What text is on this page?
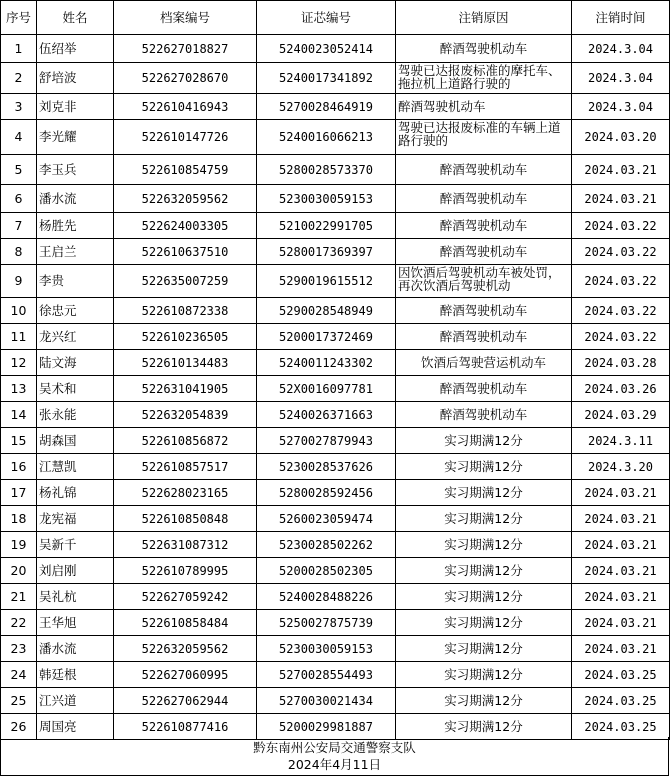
序号	姓名	档案编号	证芯编号	注销原因	注销时间
1	伍绍举	522627018827	5240023052414	醉酒驾驶机动车	2024.3.04
2	舒培波	522627028670	5240017341892	驾驶已达报废标准的摩托车、拖拉机上道路行驶的	2024.3.04
3	刘克非	522610416943	5270028464919	醉酒驾驶机动车	2024.3.04
4	李光耀	522610147726	5240016066213	驾驶已达报废标准的车辆上道路行驶的	2024.03.20
5	李玉兵	522610854759	5280028573370	醉酒驾驶机动车	2024.03.21
6	潘水流	522632059562	5230030059153	醉酒驾驶机动车	2024.03.21
7	杨胜先	522624003305	5210022991705	醉酒驾驶机动车	2024.03.22
8	王启兰	522610637510	5280017369397	醉酒驾驶机动车	2024.03.22
9	李贵	522635007259	5290019615512	因饮酒后驾驶机动车被处罚，再次饮酒后驾驶机动	2024.03.22
10	徐忠元	522610872338	5290028548949	醉酒驾驶机动车	2024.03.22
11	龙兴红	522610236505	5200017372469	醉酒驾驶机动车	2024.03.22
12	陆文海	522610134483	5240011243302	饮酒后驾驶营运机动车	2024.03.28
13	吴术和	522631041905	52X0016097781	醉酒驾驶机动车	2024.03.26
14	张永能	522632054839	5240026371663	醉酒驾驶机动车	2024.03.29
15	胡森国	522610856872	5270027879943	实习期满12分	2024.3.11
16	江慧凯	522610857517	5230028537626	实习期满12分	2024.3.20
17	杨礼锦	522628023165	5280028592456	实习期满12分	2024.03.21
18	龙宪福	522610850848	5260023059474	实习期满12分	2024.03.21
19	吴新千	522631087312	5230028502262	实习期满12分	2024.03.21
20	刘启刚	522610789995	5200028502305	实习期满12分	2024.03.21
21	吴礼杭	522627059242	5240028488226	实习期满12分	2024.03.21
22	王华旭	522610858484	5250027875739	实习期满12分	2024.03.21
23	潘水流	522632059562	5230030059153	实习期满12分	2024.03.21
24	韩廷根	522627060995	5270028554493	实习期满12分	2024.03.25
25	江兴道	522627062944	5270030021434	实习期满12分	2024.03.25
26	周国亮	522610877416	5200029981887	实习期满12分	2024.03.25
黔东南州公安局交通警察支队
2024年4月11日
